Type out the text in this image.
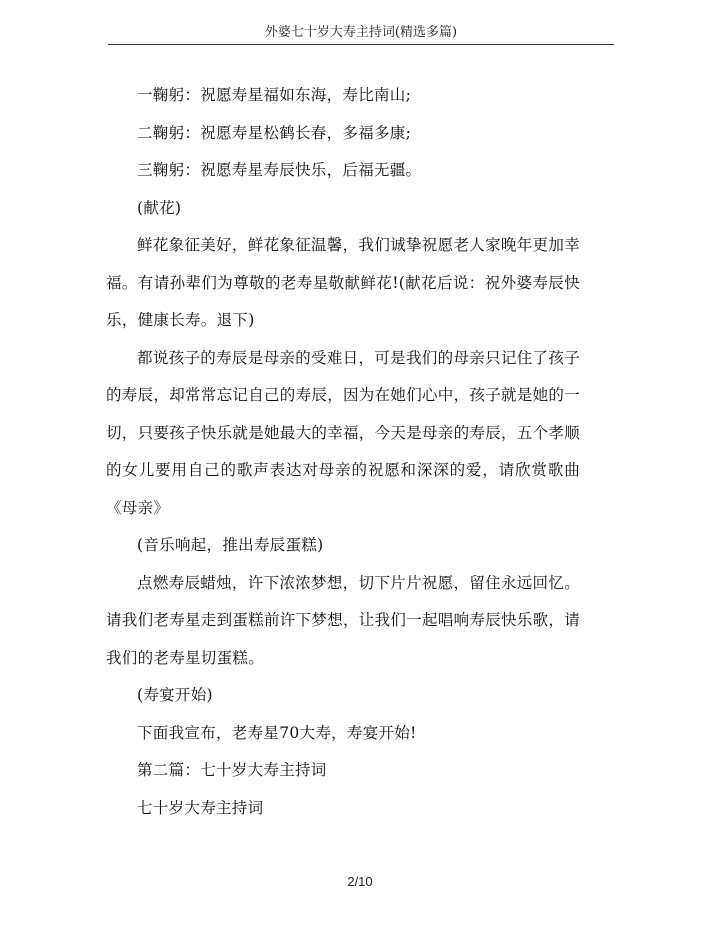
外婆七十岁大寿主持词(精选多篇)

一鞠躬：祝愿寿星福如东海，寿比南山;

二鞠躬：祝愿寿星松鹤长春，多福多康;

三鞠躬：祝愿寿星寿辰快乐，后福无疆。

(献花)

鲜花象征美好，鲜花象征温馨，我们诚挚祝愿老人家晚年更加幸福。有请孙辈们为尊敬的老寿星敬献鲜花!(献花后说：祝外婆寿辰快乐，健康长寿。退下)

都说孩子的寿辰是母亲的受难日，可是我们的母亲只记住了孩子的寿辰，却常常忘记自己的寿辰，因为在她们心中，孩子就是她的一切，只要孩子快乐就是她最大的幸福，今天是母亲的寿辰，五个孝顺的女儿要用自己的歌声表达对母亲的祝愿和深深的爱，请欣赏歌曲《母亲》

(音乐响起，推出寿辰蛋糕)

点燃寿辰蜡烛，许下浓浓梦想，切下片片祝愿，留住永远回忆。请我们老寿星走到蛋糕前许下梦想，让我们一起唱响寿辰快乐歌，请我们的老寿星切蛋糕。

(寿宴开始)

下面我宣布，老寿星70大寿，寿宴开始!

第二篇：七十岁大寿主持词

七十岁大寿主持词

2/10
